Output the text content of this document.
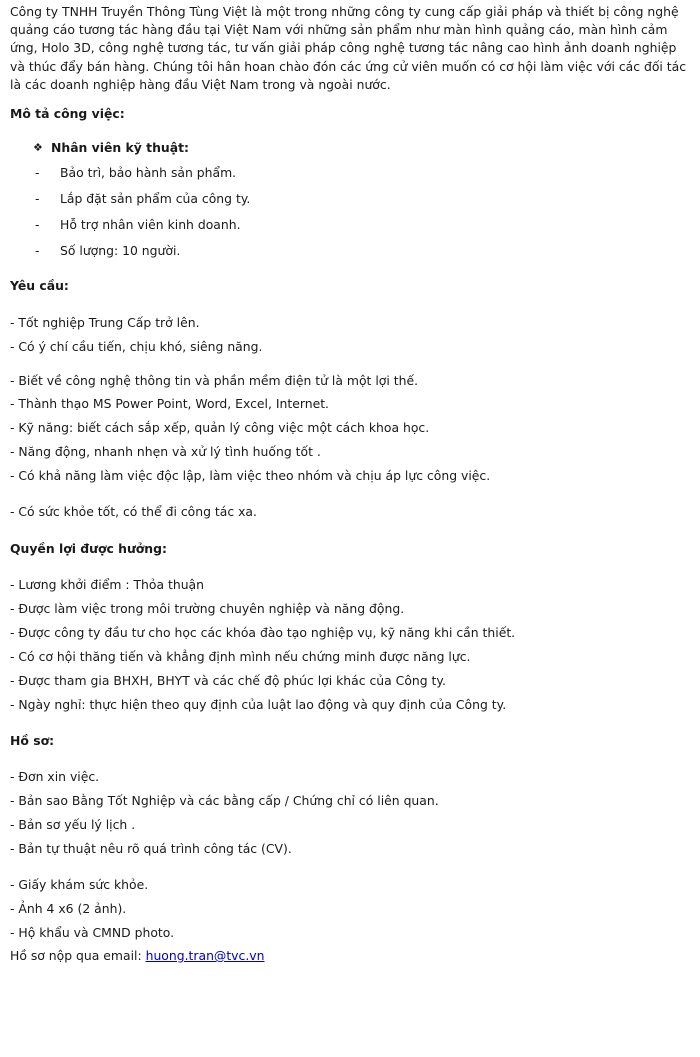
Công ty TNHH Truyền Thông Tùng Việt là một trong những công ty cung cấp giải pháp và thiết bị công nghệ quảng cáo tương tác hàng đầu tại Việt Nam với những sản phẩm như màn hình quảng cáo, màn hình cảm ứng, Holo 3D, công nghệ tương tác, tư vấn giải pháp công nghệ tương tác nâng cao hình ảnh doanh nghiệp và thúc đẩy bán hàng. Chúng tôi hân hoan chào đón các ứng cử viên muốn có cơ hội làm việc với các đối tác là các doanh nghiệp hàng đầu Việt Nam trong và ngoài nước.

Mô tả công việc:

❖ Nhân viên kỹ thuật:
-	Bảo trì, bảo hành sản phẩm.
-	Lắp đặt sản phẩm của công ty.
-	Hỗ trợ nhân viên kinh doanh.
-	Số lượng: 10 người.

Yêu cầu:

- Tốt nghiệp Trung Cấp trở lên.

- Có ý chí cầu tiến, chịu khó, siêng năng.

- Biết về công nghệ thông tin và phần mềm điện tử là một lợi thế.

- Thành thạo MS Power Point, Word, Excel, Internet.

- Kỹ năng: biết cách sắp xếp, quản lý công việc một cách khoa học.

- Năng động, nhanh nhẹn và xử lý tình huống tốt .

- Có khả năng làm việc độc lập, làm việc theo nhóm và chịu áp lực công việc.

- Có sức khỏe tốt, có thể đi công tác xa.

Quyền lợi được hưởng:

- Lương khởi điểm : Thỏa thuận

- Được làm việc trong môi trường chuyên nghiệp và năng động.

- Được công ty đầu tư cho học các khóa đào tạo nghiệp vụ, kỹ năng khi cần thiết.

- Có cơ hội thăng tiến và khẳng định mình nếu chứng minh được năng lực.

- Được tham gia BHXH, BHYT và các chế độ phúc lợi khác của Công ty.

- Ngày nghỉ: thực hiện theo quy định của luật lao động và quy định của Công ty.

Hồ sơ:

- Đơn xin việc.

- Bản sao Bằng Tốt Nghiệp và các bằng cấp / Chứng chỉ có liên quan.

- Bản sơ yếu lý lịch .

- Bản tự thuật nêu rõ quá trình công tác (CV).

- Giấy khám sức khỏe.

- Ảnh 4 x6 (2 ảnh).

- Hộ khẩu và CMND photo.

Hồ sơ nộp qua email: huong.tran@tvc.vn
